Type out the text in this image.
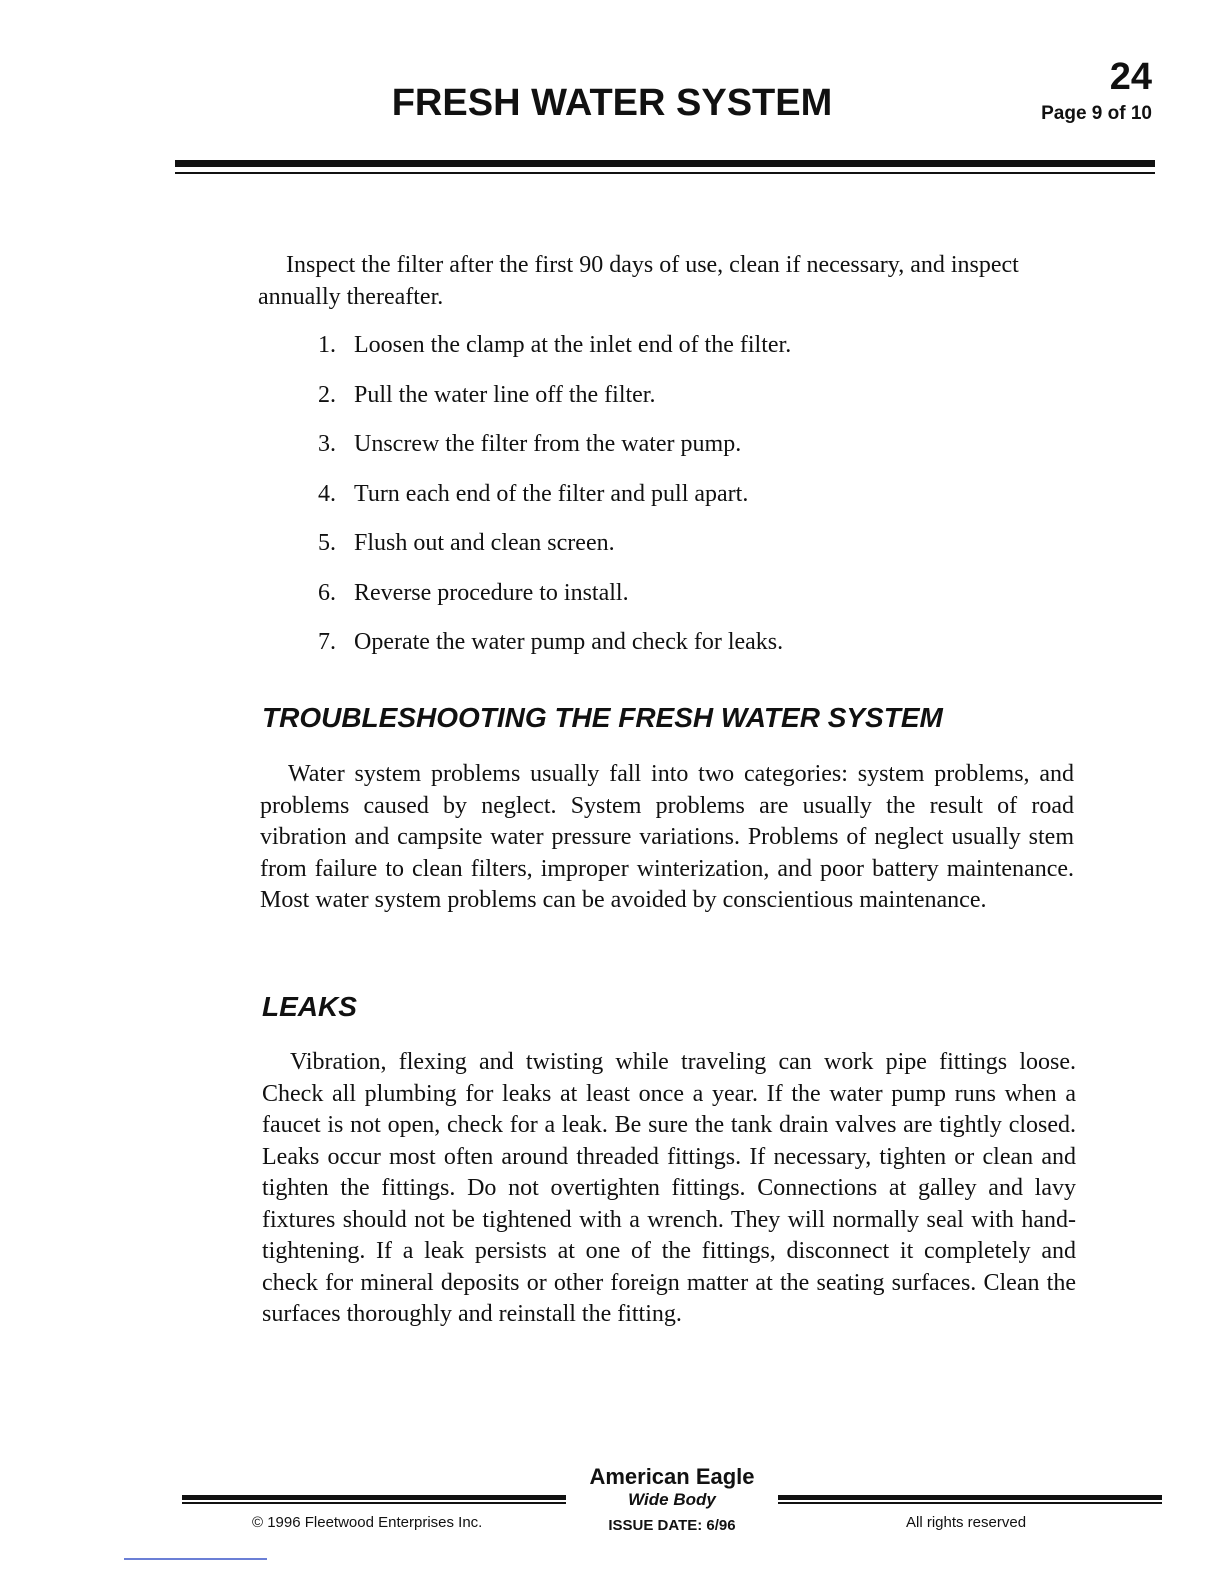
24
FRESH WATER SYSTEM	Page 9 of 10

Inspect the filter after the first 90 days of use, clean if necessary, and inspect annually thereafter.

1. Loosen the clamp at the inlet end of the filter.
2. Pull the water line off the filter.
3. Unscrew the filter from the water pump.
4. Turn each end of the filter and pull apart.
5. Flush out and clean screen.
6. Reverse procedure to install.
7. Operate the water pump and check for leaks.
TROUBLESHOOTING THE FRESH WATER SYSTEM

Water system problems usually fall into two categories: system problems, and problems caused by neglect. System problems are usually the result of road vibration and campsite water pressure variations. Problems of neglect usually stem from failure to clean filters, improper winterization, and poor battery maintenance. Most water system problems can be avoided by conscientious maintenance.

LEAKS

Vibration, flexing and twisting while traveling can work pipe fittings loose. Check all plumbing for leaks at least once a year. If the water pump runs when a faucet is not open, check for a leak. Be sure the tank drain valves are tightly closed. Leaks occur most often around threaded fittings. If necessary, tighten or clean and tighten the fittings. Do not overtighten fittings. Connections at galley and lavy fixtures should not be tightened with a wrench. They will normally seal with hand-tightening. If a leak persists at one of the fittings, disconnect it completely and check for mineral deposits or other foreign matter at the seating surfaces. Clean the surfaces thoroughly and reinstall the fitting.

American Eagle
Wide Body
ISSUE DATE: 6/96
© 1996 Fleetwood Enterprises Inc.	All rights reserved
